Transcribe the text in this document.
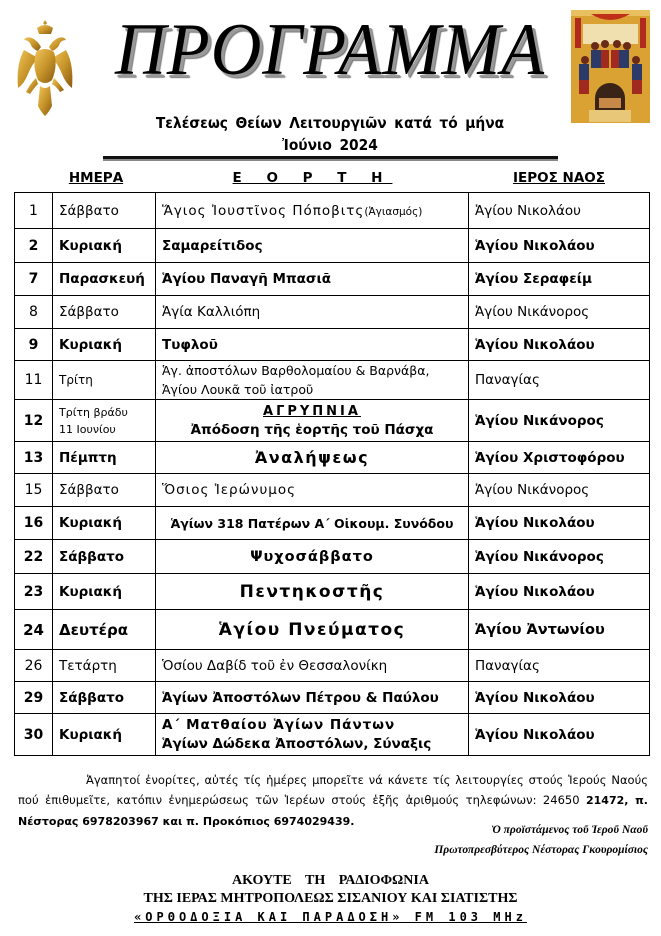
ΠΡΟΓΡΑΜΜΑ
Τελέσεως Θείων Λειτουργιῶν κατά τό μήνα
Ἰούνιο 2024
ΗΜΕΡΑ	Ε Ο Ρ Τ Η	ΙΕΡΟΣ ΝΑΟΣ
1	Σάββατο	Ἅγιος Ἰουστῖνος Πόποβιτς(Ἁγιασμός)	Ἁγίου Νικολάου
2	Κυριακή	Σαμαρείτιδος	Ἁγίου Νικολάου
7	Παρασκευή	Ἁγίου Παναγῆ Μπασιᾶ	Ἁγίου Σεραφείμ
8	Σάββατο	Ἁγία Καλλιόπη	Ἁγίου Νικάνορος
9	Κυριακή	Τυφλοῦ	Ἁγίου Νικολάου
11	Τρίτη	Ἁγ. ἀποστόλων Βαρθολομαίου & Βαρνάβα,
Ἁγίου Λουκᾶ τοῦ ἰατροῦ	Παναγίας
12	Τρίτη βράδυ
11 Ιουνίου	ΑΓΡΥΠΝΙΑ
Ἀπόδοση τῆς ἑορτῆς τοῦ Πάσχα	Ἁγίου Νικάνορος
13	Πέμπτη	Ἀναλήψεως	Ἁγίου Χριστοφόρου
15	Σάββατο	Ὅσιος Ἱερώνυμος	Ἁγίου Νικάνορος
16	Κυριακή	Ἁγίων 318 Πατέρων Α΄ Οἰκουμ. Συνόδου	Ἁγίου Νικολάου
22	Σάββατο	Ψυχοσάββατο	Ἁγίου Νικάνορος
23	Κυριακή	Πεντηκοστῆς	Ἁγίου Νικολάου
24	Δευτέρα	Ἁγίου Πνεύματος	Ἁγίου Ἀντωνίου
26	Τετάρτη	Ὁσίου Δαβίδ τοῦ ἐν Θεσσαλονίκη	Παναγίας
29	Σάββατο	Ἁγίων Ἀποστόλων Πέτρου & Παύλου	Ἁγίου Νικολάου
30	Κυριακή	Α΄ Ματθαίου Ἁγίων Πάντων
Ἁγίων Δώδεκα Ἀποστόλων, Σύναξις	Ἁγίου Νικολάου
Ἀγαπητοί ἐνορίτες, αὐτές τίς ἡμέρες μπορεῖτε νά κάνετε τίς λειτουργίες στούς Ἱερούς Ναούς πού ἐπιθυμεῖτε, κατόπιν ἐνημερώσεως τῶν Ἱερέων στούς ἑξῆς ἀριθμούς τηλεφώνων: 24650 21472, π. Νέστορας 6978203967 και π. Προκόπιος 6974029439.
Ὁ προϊστάμενος τοῦ Ἱεροῦ Ναοῦ
Πρωτοπρεσβύτερος Νέστορας Γκουρομίσιος
ΑΚΟΥΤΕ ΤΗ ΡΑΔΙΟΦΩΝΙΑ
ΤΗΣ ΙΕΡΑΣ ΜΗΤΡΟΠΟΛΕΩΣ ΣΙΣΑΝΙΟΥ ΚΑΙ ΣΙΑΤΙΣΤΗΣ
«ΟΡΘΟΔΟΞΙΑ ΚΑΙ ΠΑΡΑΔΟΣΗ» FM 103 MHz
